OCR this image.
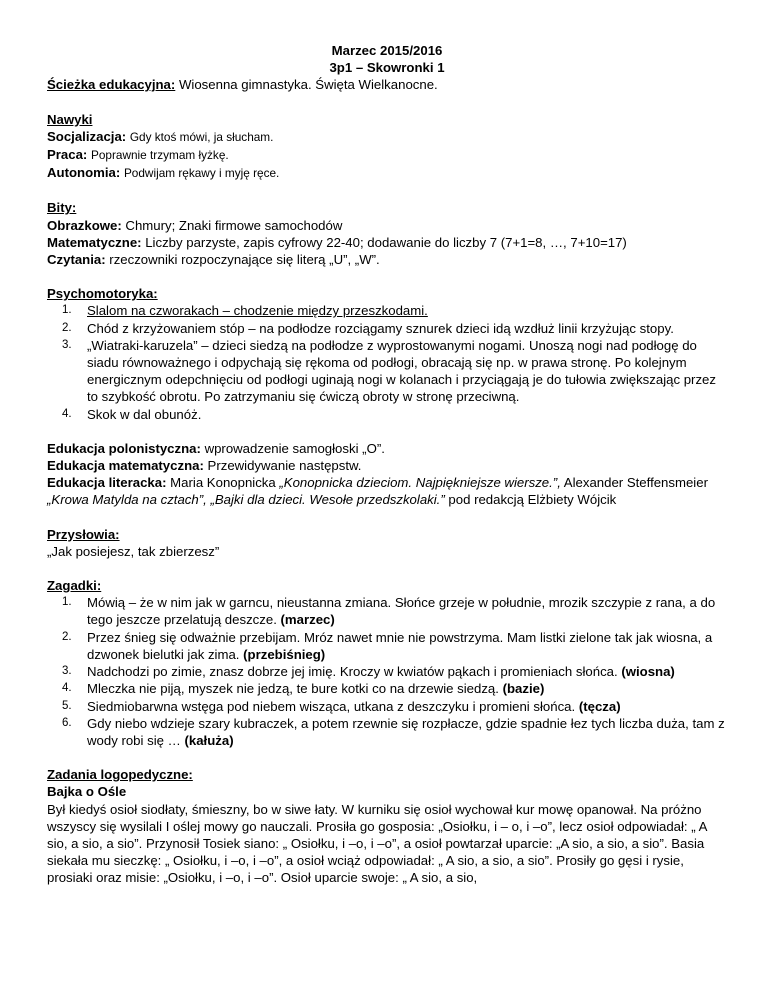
Marzec 2015/2016
3p1 – Skowronki 1
Ścieżka edukacyjna: Wiosenna gimnastyka. Święta Wielkanocne.
Nawyki
Socjalizacja: Gdy ktoś mówi, ja słucham.
Praca: Poprawnie trzymam łyżkę.
Autonomia: Podwijam rękawy i myję ręce.
Bity:
Obrazkowe: Chmury; Znaki firmowe samochodów
Matematyczne: Liczby parzyste, zapis cyfrowy 22-40; dodawanie do liczby 7 (7+1=8, …, 7+10=17)
Czytania: rzeczowniki rozpoczynające się literą „U”, „W”.
Psychomotoryka:
1. Slalom na czworakach – chodzenie między przeszkodami.
2. Chód z krzyżowaniem stóp – na podłodze rozciągamy sznurek dzieci idą wzdłuż linii krzyżując stopy.
3. „Wiatraki-karuzela” – dzieci siedzą na podłodze z wyprostowanymi nogami. Unoszą nogi nad podłogę do siadu równoważnego i odpychają się rękoma od podłogi, obracają się np. w prawa stronę. Po kolejnym energicznym odepchnięciu od podłogi uginają nogi w kolanach i przyciągają je do tułowia zwiększając przez to szybkość obrotu. Po zatrzymaniu się ćwiczą obroty w stronę przeciwną.
4. Skok w dal obunóż.
Edukacja polonistyczna: wprowadzenie samogłoski „O”.
Edukacja matematyczna: Przewidywanie następstw.
Edukacja literacka: Maria Konopnicka „Konopnicka dzieciom. Najpiękniejsze wiersze.”, Alexander Steffensmeier „Krowa Matylda na cztach”, „Bajki dla dzieci. Wesołe przedszkolaki.” pod redakcją Elżbiety Wójcik
Przysłowia:
„Jak posiejesz, tak zbierzesz”
Zagadki:
1. Mówią – że w nim jak w garncu, nieustanna zmiana. Słońce grzeje w południe, mrozik szczypie z rana, a do tego jeszcze przelatują deszcze. (marzec)
2. Przez śnieg się odważnie przebijam. Mróz nawet mnie nie powstrzyma. Mam listki zielone tak jak wiosna, a dzwonek bielutki jak zima. (przebiśnieg)
3. Nadchodzi po zimie, znasz dobrze jej imię. Kroczy w kwiatów pąkach i promieniach słońca. (wiosna)
4. Mleczka nie piją, myszek nie jedzą, te bure kotki co na drzewie siedzą. (bazie)
5. Siedmiobarwna wstęga pod niebem wisząca, utkana z deszczyku i promieni słońca. (tęcza)
6. Gdy niebo wdzieje szary kubraczek, a potem rzewnie się rozpłacze, gdzie spadnie łez tych liczba duża, tam z wody robi się … (kałuża)
Zadania logopedyczne:
Bajka o Ośle

Był kiedyś osioł siodłaty, śmieszny, bo w siwe łaty. W kurniku się osioł wychował kur mowę opanował. Na próżno wszyscy się wysilali I oślej mowy go nauczali. Prosiła go gosposia: „Osiołku, i – o, i –o”, lecz osioł odpowiadał: „ A sio, a sio, a sio”. Przynosił Tosiek siano: „ Osiołku, i –o, i –o”, a osioł powtarzał uparcie: „A sio, a sio, a sio”. Basia siekała mu sieczkę: „ Osiołku, i –o, i –o”, a osioł wciąż odpowiadał: „ A sio, a sio, a sio”. Prosiły go gęsi i rysie, prosiaki oraz misie: „Osiołku, i –o, i –o”. Osioł uparcie swoje: „ A sio, a sio,
